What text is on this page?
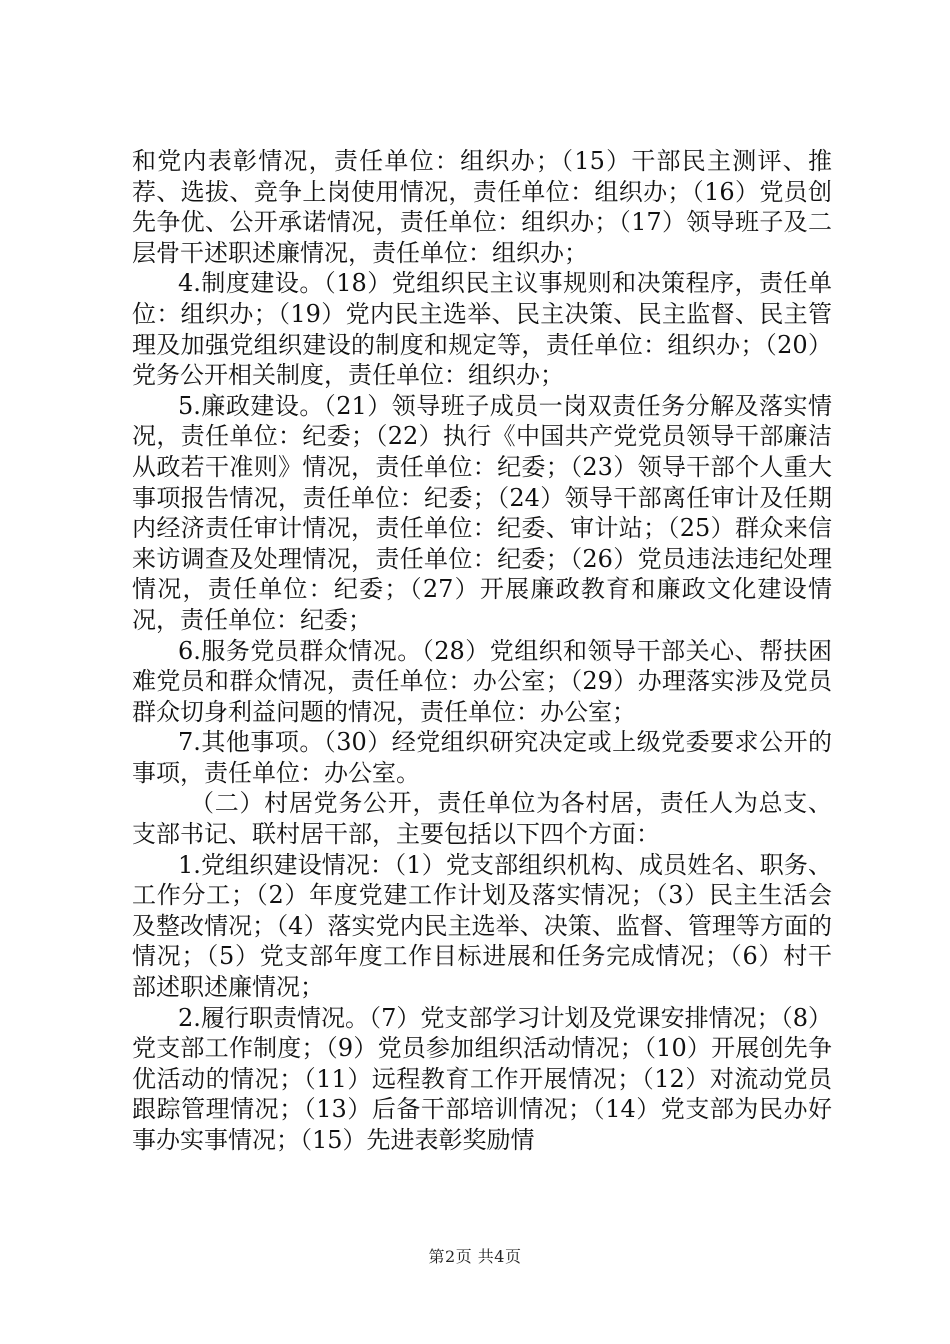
和党内表彰情况，责任单位：组织办；（15）干部民主测评、推荐、选拔、竞争上岗使用情况，责任单位：组织办；（16）党员创先争优、公开承诺情况，责任单位：组织办；（17）领导班子及二层骨干述职述廉情况，责任单位：组织办；

4.制度建设。（18）党组织民主议事规则和决策程序，责任单位：组织办；（19）党内民主选举、民主决策、民主监督、民主管理及加强党组织建设的制度和规定等，责任单位：组织办；（20）党务公开相关制度，责任单位：组织办；

5.廉政建设。（21）领导班子成员一岗双责任务分解及落实情况，责任单位：纪委；（22）执行《中国共产党党员领导干部廉洁从政若干准则》情况，责任单位：纪委；（23）领导干部个人重大事项报告情况，责任单位：纪委；（24）领导干部离任审计及任期内经济责任审计情况，责任单位：纪委、审计站；（25）群众来信来访调查及处理情况，责任单位：纪委；（26）党员违法违纪处理情况，责任单位：纪委；（27）开展廉政教育和廉政文化建设情况，责任单位：纪委；

6.服务党员群众情况。（28）党组织和领导干部关心、帮扶困难党员和群众情况，责任单位：办公室；（29）办理落实涉及党员群众切身利益问题的情况，责任单位：办公室；

7.其他事项。（30）经党组织研究决定或上级党委要求公开的事项，责任单位：办公室。

（二）村居党务公开，责任单位为各村居，责任人为总支、支部书记、联村居干部，主要包括以下四个方面：

1.党组织建设情况：（1）党支部组织机构、成员姓名、职务、工作分工；（2）年度党建工作计划及落实情况；（3）民主生活会及整改情况；（4）落实党内民主选举、决策、监督、管理等方面的情况；（5）党支部年度工作目标进展和任务完成情况；（6）村干部述职述廉情况；

2.履行职责情况。（7）党支部学习计划及党课安排情况；（8）党支部工作制度；（9）党员参加组织活动情况；（10）开展创先争优活动的情况；（11）远程教育工作开展情况；（12）对流动党员跟踪管理情况；（13）后备干部培训情况；（14）党支部为民办好事办实事情况；（15）先进表彰奖励情

第2页 共4页
